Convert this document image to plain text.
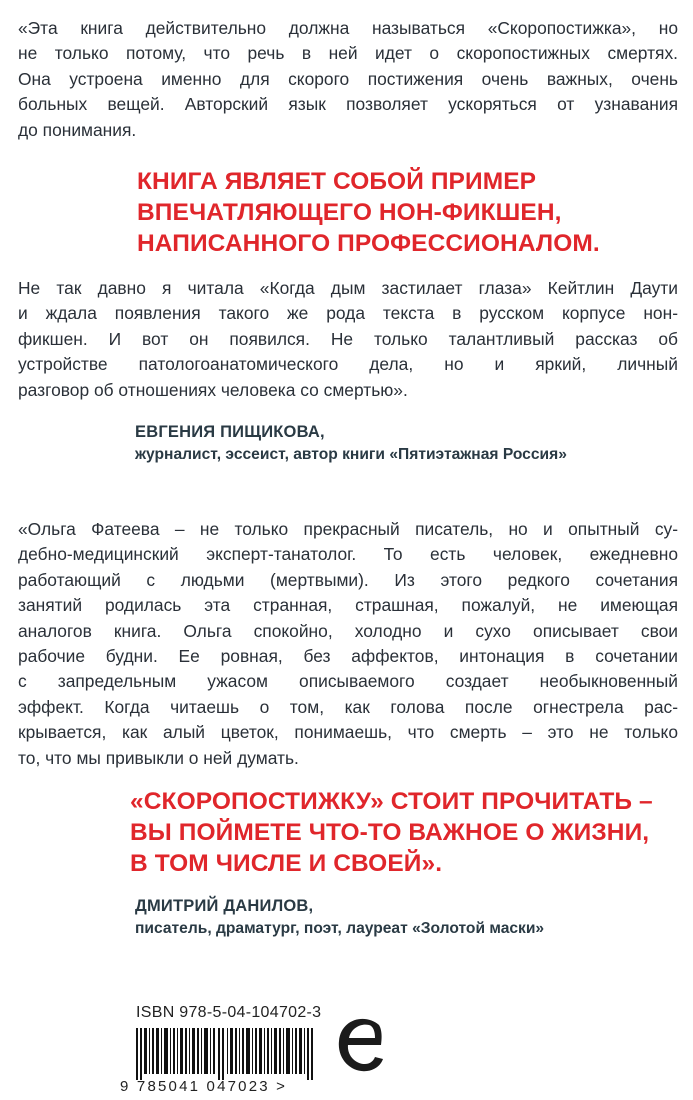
«Эта книга действительно должна называться «Скоропостижка», но
не только потому, что речь в ней идет о скоропостижных смертях.
Она устроена именно для скорого постижения очень важных, очень
больных вещей. Авторский язык позволяет ускоряться от узнавания
до понимания.

КНИГА ЯВЛЯЕТ СОБОЙ ПРИМЕР
ВПЕЧАТЛЯЮЩЕГО НОН-ФИКШЕН,
НАПИСАННОГО ПРОФЕССИОНАЛОМ.

Не так давно я читала «Когда дым застилает глаза» Кейтлин Даути
и ждала появления такого же рода текста в русском корпусе нон-
фикшен. И вот он появился. Не только талантливый рассказ об
устройстве патологоанатомического дела, но и яркий, личный
разговор об отношениях человека со смертью».

ЕВГЕНИЯ ПИЩИКОВА,
журналист, эссеист, автор книги «Пятиэтажная Россия»

«Ольга Фатеева – не только прекрасный писатель, но и опытный су-
дебно-медицинский эксперт-танатолог. То есть человек, ежедневно
работающий с людьми (мертвыми). Из этого редкого сочетания
занятий родилась эта странная, страшная, пожалуй, не имеющая
аналогов книга. Ольга спокойно, холодно и сухо описывает свои
рабочие будни. Ее ровная, без аффектов, интонация в сочетании
с запредельным ужасом описываемого создает необыкновенный
эффект. Когда читаешь о том, как голова после огнестрела рас-
крывается, как алый цветок, понимаешь, что смерть – это не только
то, что мы привыкли о ней думать.

«СКОРОПОСТИЖКУ» СТОИТ ПРОЧИТАТЬ –
ВЫ ПОЙМЕТЕ ЧТО-ТО ВАЖНОЕ О ЖИЗНИ,
В ТОМ ЧИСЛЕ И СВОЕЙ».

ДМИТРИЙ ДАНИЛОВ,
писатель, драматург, поэт, лауреат «Золотой маски»

ISBN 978-5-04-104702-3
9 785041 047023 >
